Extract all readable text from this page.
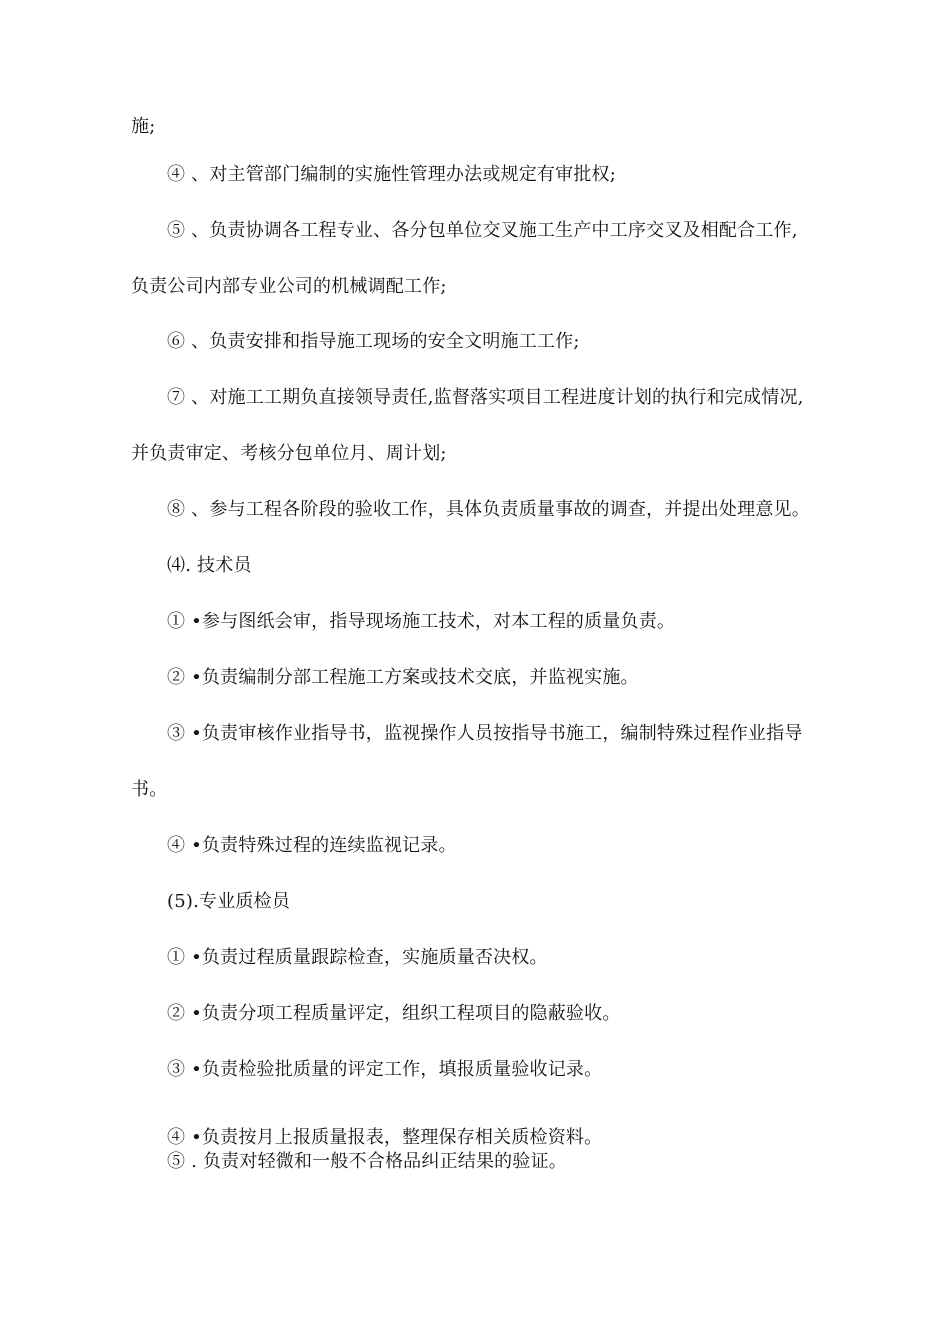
施;
④ 、对主管部门编制的实施性管理办法或规定有审批权;
⑤ 、负责协调各工程专业、各分包单位交叉施工生产中工序交叉及相配合工作,
负责公司内部专业公司的机械调配工作;
⑥ 、负责安排和指导施工现场的安全文明施工工作;
⑦ 、对施工工期负直接领导责任,监督落实项目工程进度计划的执行和完成情况,
并负责审定、考核分包单位月、周计划;
⑧ 、参与工程各阶段的验收工作，具体负责质量事故的调查，并提出处理意见。
⑷. 技术员
① •参与图纸会审，指导现场施工技术，对本工程的质量负责。
② •负责编制分部工程施工方案或技术交底，并监视实施。
③ •负责审核作业指导书，监视操作人员按指导书施工，编制特殊过程作业指导
书。
④ •负责特殊过程的连续监视记录。
(5).专业质检员
① •负责过程质量跟踪检查，实施质量否决权。
② •负责分项工程质量评定，组织工程项目的隐蔽验收。
③ •负责检验批质量的评定工作，填报质量验收记录。
④ •负责按月上报质量报表，整理保存相关质检资料。
⑤ . 负责对轻微和一般不合格品纠正结果的验证。
